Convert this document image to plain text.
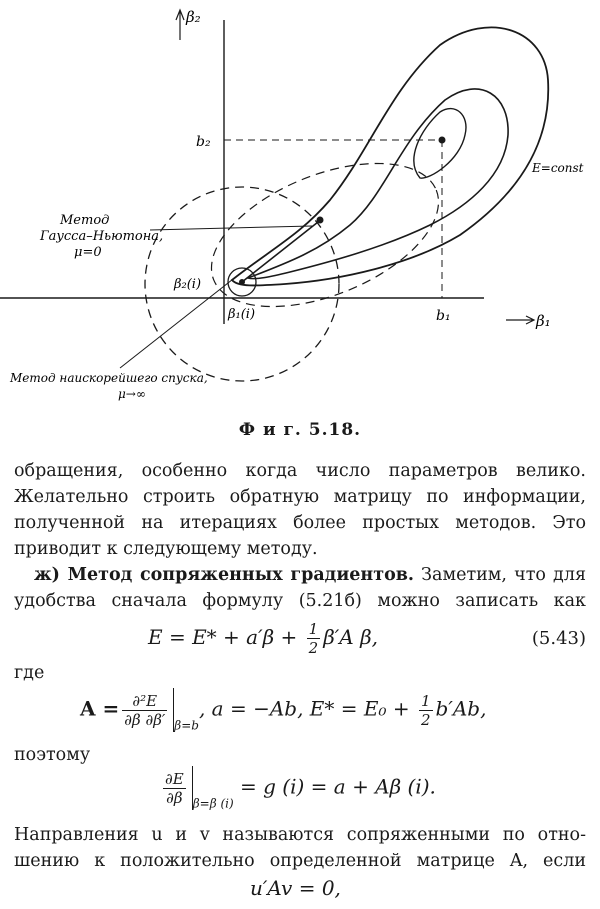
β₂
β₁
b₂
b₁
β₂(i)
β₁(i)
E=const
Метод
Гаусса–Ньютона,
μ=0
Метод наискорейшего спуска,
μ→∞
Ф и г. 5.18.
обращения, особенно когда число параметров велико.
Желательно строить обратную матрицу по информации,
полученной на итерациях более простых методов. Это
приводит к следующему методу.
ж) Метод сопряженных градиентов. Заметим, что для
удобства сначала формулу (5.21б) можно записать как
$E = E* + a'\beta + \frac{1}{2} \beta'A$ β,	(5.43)
где
$A = \frac{\text{∂²E}}{\partial\beta \partial\beta'} _{\beta=b}$, a = −Ab, $E* = E_0 + \frac{1}{2} b'Ab$,
поэтому
$\frac{\partial E}{\partial\beta} _{\beta=\beta (i)} = g$ (i) = a + Aβ (i).
Направления u и v называются сопряженными по отно-
шению к положительно определенной матрице A, если
u′Av = 0,
